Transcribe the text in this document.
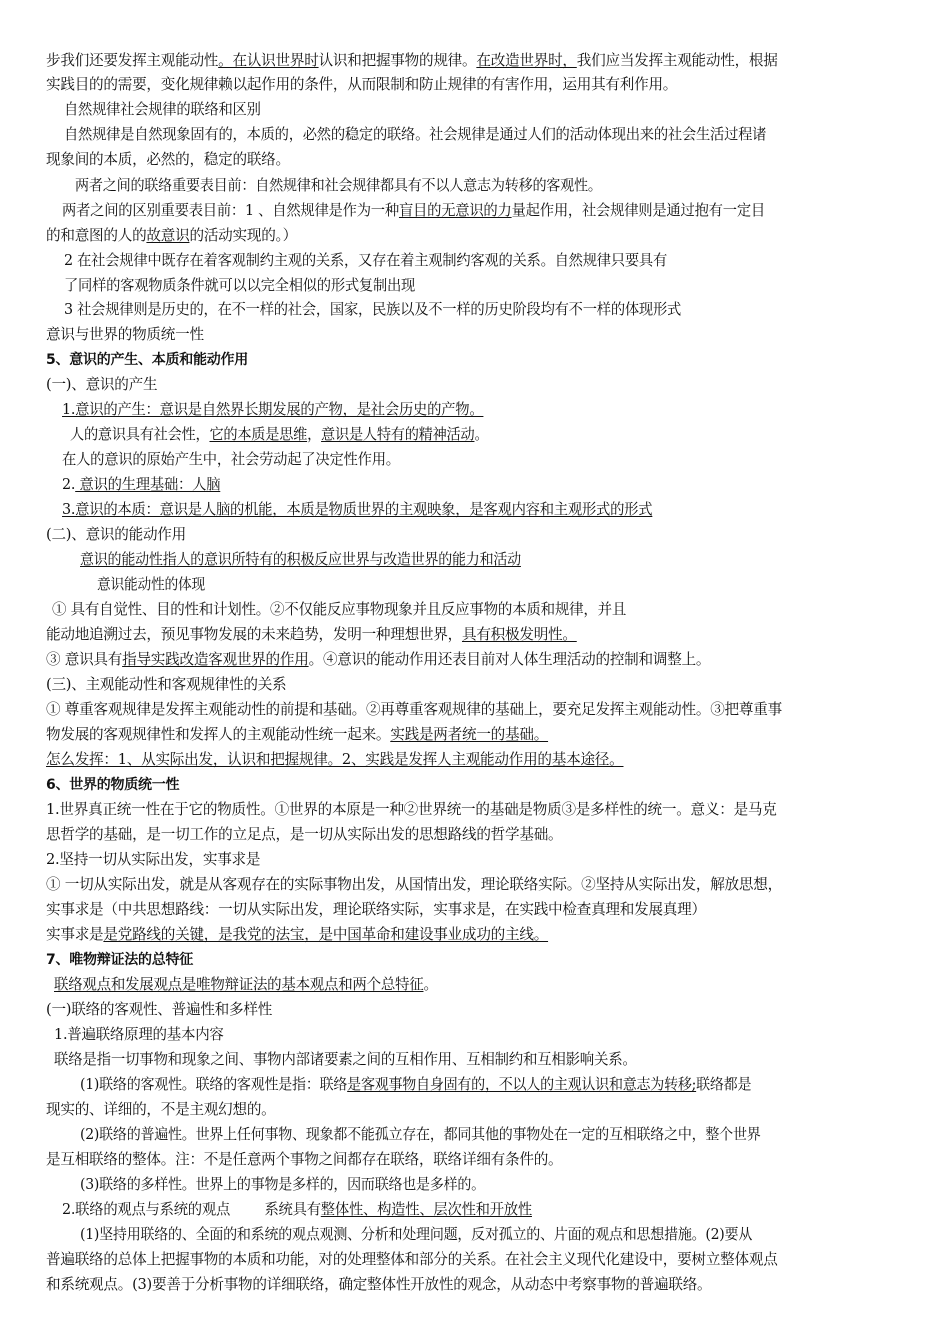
步我们还要发挥主观能动性。在认识世界时认识和把握事物的规律。在改造世界时，我们应当发挥主观能动性，根据
实践目的的需要，变化规律赖以起作用的条件，从而限制和防止规律的有害作用，运用其有利作用。
自然规律社会规律的联络和区别
自然规律是自然现象固有的，本质的，必然的稳定的联络。社会规律是通过人们的活动体现出来的社会生活过程诸
现象间的本质，必然的，稳定的联络。
两者之间的联络重要表目前：自然规律和社会规律都具有不以人意志为转移的客观性。
两者之间的区别重要表目前：1 、自然规律是作为一种盲目的无意识的力量起作用，社会规律则是通过抱有一定目
的和意图的人的故意识的活动实现的。）
2 在社会规律中既存在着客观制约主观的关系，又存在着主观制约客观的关系。自然规律只要具有
了同样的客观物质条件就可以以完全相似的形式复制出现
3 社会规律则是历史的，在不一样的社会，国家，民族以及不一样的历史阶段均有不一样的体现形式
意识与世界的物质统一性
5、意识的产生、本质和能动作用
(一)、意识的产生
1.意识的产生：意识是自然界长期发展的产物，是社会历史的产物。
人的意识具有社会性，它的本质是思维，意识是人特有的精神活动。
在人的意识的原始产生中，社会劳动起了决定性作用。
2. 意识的生理基础：人脑
3.意识的本质：意识是人脑的机能，本质是物质世界的主观映象，是客观内容和主观形式的形式
(二)、意识的能动作用
意识的能动性指人的意识所特有的积极反应世界与改造世界的能力和活动
意识能动性的体现
① 具有自觉性、目的性和计划性。②不仅能反应事物现象并且反应事物的本质和规律，并且
能动地追溯过去，预见事物发展的未来趋势，发明一种理想世界，具有积极发明性。
③ 意识具有指导实践改造客观世界的作用。④意识的能动作用还表目前对人体生理活动的控制和调整上。
(三)、主观能动性和客观规律性的关系
① 尊重客观规律是发挥主观能动性的前提和基础。②再尊重客观规律的基础上，要充足发挥主观能动性。③把尊重事
物发展的客观规律性和发挥人的主观能动性统一起来。实践是两者统一的基础。
怎么发挥：1、从实际出发，认识和把握规律。2、实践是发挥人主观能动作用的基本途径。
6、世界的物质统一性
1.世界真正统一性在于它的物质性。①世界的本原是一种②世界统一的基础是物质③是多样性的统一。意义：是马克
思哲学的基础，是一切工作的立足点，是一切从实际出发的思想路线的哲学基础。
2.坚持一切从实际出发，实事求是
① 一切从实际出发，就是从客观存在的实际事物出发，从国情出发，理论联络实际。②坚持从实际出发，解放思想，
实事求是（中共思想路线：一切从实际出发，理论联络实际，实事求是，在实践中检查真理和发展真理）
实事求是是党路线的关键，是我党的法宝，是中国革命和建设事业成功的主线。
7、唯物辩证法的总特征
联络观点和发展观点是唯物辩证法的基本观点和两个总特征。
(一)联络的客观性、普遍性和多样性
1.普遍联络原理的基本内容
联络是指一切事物和现象之间、事物内部诸要素之间的互相作用、互相制约和互相影响关系。
(1)联络的客观性。联络的客观性是指：联络是客观事物自身固有的，不以人的主观认识和意志为转移;联络都是
现实的、详细的，不是主观幻想的。
(2)联络的普遍性。世界上任何事物、现象都不能孤立存在，都同其他的事物处在一定的互相联络之中，整个世界
是互相联络的整体。注：不是任意两个事物之间都存在联络，联络详细有条件的。
(3)联络的多样性。世界上的事物是多样的，因而联络也是多样的。
2.联络的观点与系统的观点        系统具有整体性、构造性、层次性和开放性
(1)坚持用联络的、全面的和系统的观点观测、分析和处理问题，反对孤立的、片面的观点和思想措施。(2)要从
普遍联络的总体上把握事物的本质和功能，对的处理整体和部分的关系。在社会主义现代化建设中，要树立整体观点
和系统观点。(3)要善于分析事物的详细联络，确定整体性开放性的观念，从动态中考察事物的普遍联络。
